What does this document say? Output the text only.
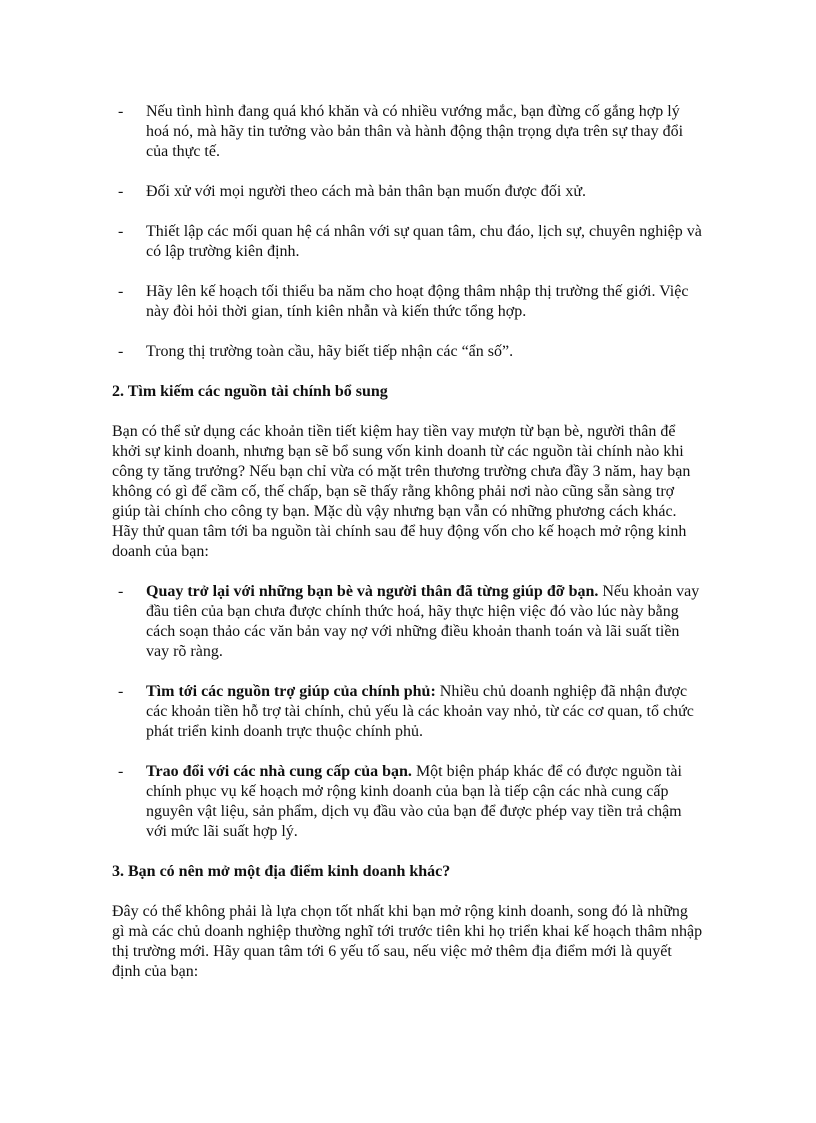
- Nếu tình hình đang quá khó khăn và có nhiều vướng mắc, bạn đừng cố gắng hợp lý hoá nó, mà hãy tin tưởng vào bản thân và hành động thận trọng dựa trên sự thay đổi của thực tế.
- Đối xử với mọi người theo cách mà bản thân bạn muốn được đối xử.
- Thiết lập các mối quan hệ cá nhân với sự quan tâm, chu đáo, lịch sự, chuyên nghiệp và có lập trường kiên định.
- Hãy lên kế hoạch tối thiểu ba năm cho hoạt động thâm nhập thị trường thế giới. Việc này đòi hỏi thời gian, tính kiên nhẫn và kiến thức tổng hợp.
- Trong thị trường toàn cầu, hãy biết tiếp nhận các “ẩn số”.
2. Tìm kiếm các nguồn tài chính bổ sung
Bạn có thể sử dụng các khoản tiền tiết kiệm hay tiền vay mượn từ bạn bè, người thân để khởi sự kinh doanh, nhưng bạn sẽ bổ sung vốn kinh doanh từ các nguồn tài chính nào khi công ty tăng trưởng? Nếu bạn chỉ vừa có mặt trên thương trường chưa đầy 3 năm, hay bạn không có gì để cầm cố, thế chấp, bạn sẽ thấy rằng không phải nơi nào cũng sẵn sàng trợ giúp tài chính cho công ty bạn. Mặc dù vậy nhưng bạn vẫn có những phương cách khác. Hãy thử quan tâm tới ba nguồn tài chính sau để huy động vốn cho kế hoạch mở rộng kinh doanh của bạn:
- Quay trở lại với những bạn bè và người thân đã từng giúp đỡ bạn. Nếu khoản vay đầu tiên của bạn chưa được chính thức hoá, hãy thực hiện việc đó vào lúc này bằng cách soạn thảo các văn bản vay nợ với những điều khoản thanh toán và lãi suất tiền vay rõ ràng.
- Tìm tới các nguồn trợ giúp của chính phủ: Nhiều chủ doanh nghiệp đã nhận được các khoản tiền hỗ trợ tài chính, chủ yếu là các khoản vay nhỏ, từ các cơ quan, tổ chức phát triển kinh doanh trực thuộc chính phủ.
- Trao đổi với các nhà cung cấp của bạn. Một biện pháp khác để có được nguồn tài chính phục vụ kế hoạch mở rộng kinh doanh của bạn là tiếp cận các nhà cung cấp nguyên vật liệu, sản phẩm, dịch vụ đầu vào của bạn để được phép vay tiền trả chậm với mức lãi suất hợp lý.
3. Bạn có nên mở một địa điểm kinh doanh khác?
Đây có thể không phải là lựa chọn tốt nhất khi bạn mở rộng kinh doanh, song đó là những gì mà các chủ doanh nghiệp thường nghĩ tới trước tiên khi họ triển khai kế hoạch thâm nhập thị trường mới. Hãy quan tâm tới 6 yếu tố sau, nếu việc mở thêm địa điểm mới là quyết định của bạn:
